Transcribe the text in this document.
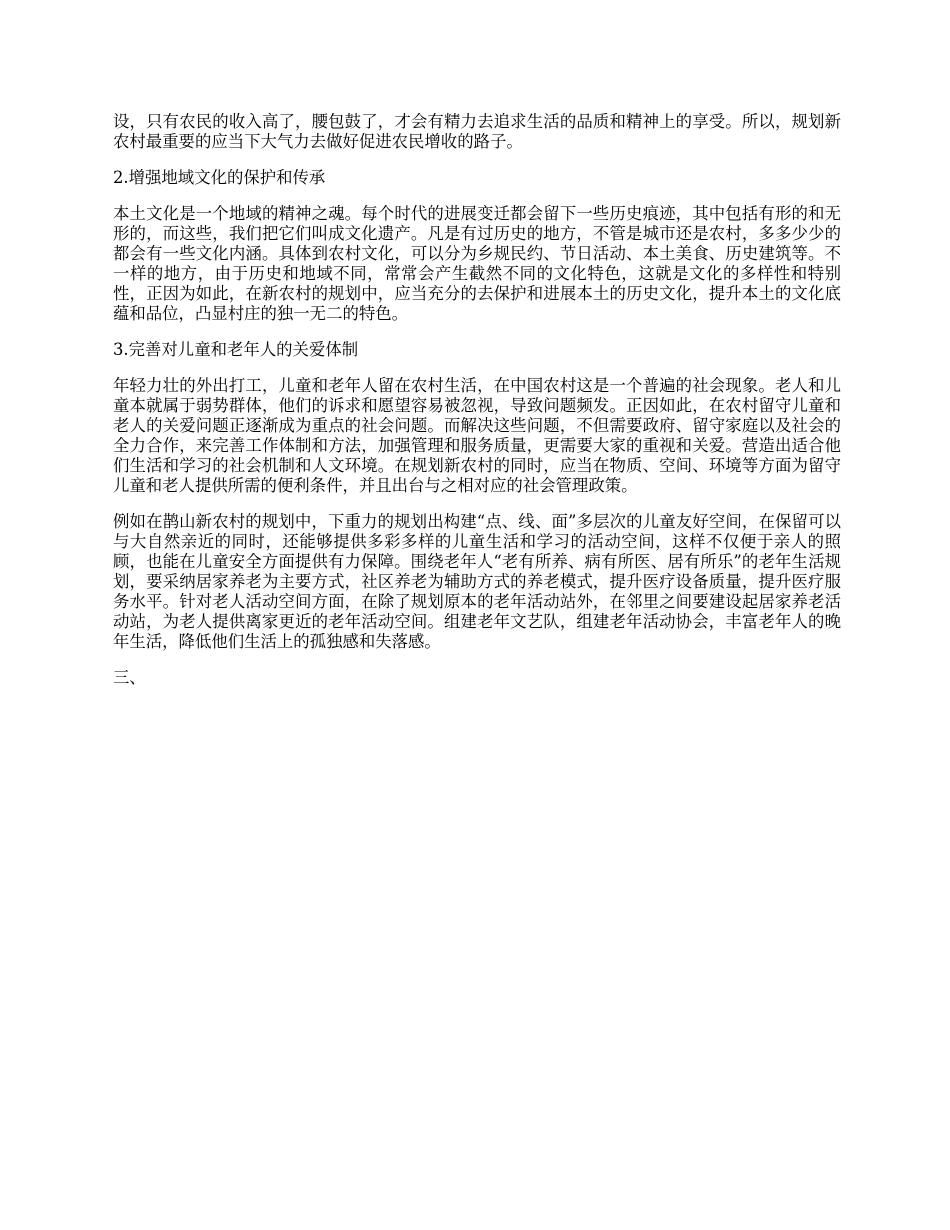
设，只有农民的收入高了，腰包鼓了，才会有精力去追求生活的品质和精神上的享受。所以，规划新农村最重要的应当下大气力去做好促进农民增收的路子。

2.增强地域文化的保护和传承

本土文化是一个地域的精神之魂。每个时代的进展变迁都会留下一些历史痕迹，其中包括有形的和无形的，而这些，我们把它们叫成文化遗产。凡是有过历史的地方，不管是城市还是农村，多多少少的都会有一些文化内涵。具体到农村文化，可以分为乡规民约、节日活动、本土美食、历史建筑等。不一样的地方，由于历史和地域不同，常常会产生截然不同的文化特色，这就是文化的多样性和特别性，正因为如此，在新农村的规划中，应当充分的去保护和进展本土的历史文化，提升本土的文化底蕴和品位，凸显村庄的独一无二的特色。

3.完善对儿童和老年人的关爱体制

年轻力壮的外出打工，儿童和老年人留在农村生活，在中国农村这是一个普遍的社会现象。老人和儿童本就属于弱势群体，他们的诉求和愿望容易被忽视，导致问题频发。正因如此，在农村留守儿童和老人的关爱问题正逐渐成为重点的社会问题。而解决这些问题，不但需要政府、留守家庭以及社会的全力合作，来完善工作体制和方法，加强管理和服务质量，更需要大家的重视和关爱。营造出适合他们生活和学习的社会机制和人文环境。在规划新农村的同时，应当在物质、空间、环境等方面为留守儿童和老人提供所需的便利条件，并且出台与之相对应的社会管理政策。

例如在鹊山新农村的规划中，下重力的规划出构建“点、线、面”多层次的儿童友好空间，在保留可以与大自然亲近的同时，还能够提供多彩多样的儿童生活和学习的活动空间，这样不仅便于亲人的照顾，也能在儿童安全方面提供有力保障。围绕老年人“老有所养、病有所医、居有所乐”的老年生活规划，要采纳居家养老为主要方式，社区养老为辅助方式的养老模式，提升医疗设备质量，提升医疗服务水平。针对老人活动空间方面，在除了规划原本的老年活动站外，在邻里之间要建设起居家养老活动站，为老人提供离家更近的老年活动空间。组建老年文艺队，组建老年活动协会，丰富老年人的晚年生活，降低他们生活上的孤独感和失落感。

三、
